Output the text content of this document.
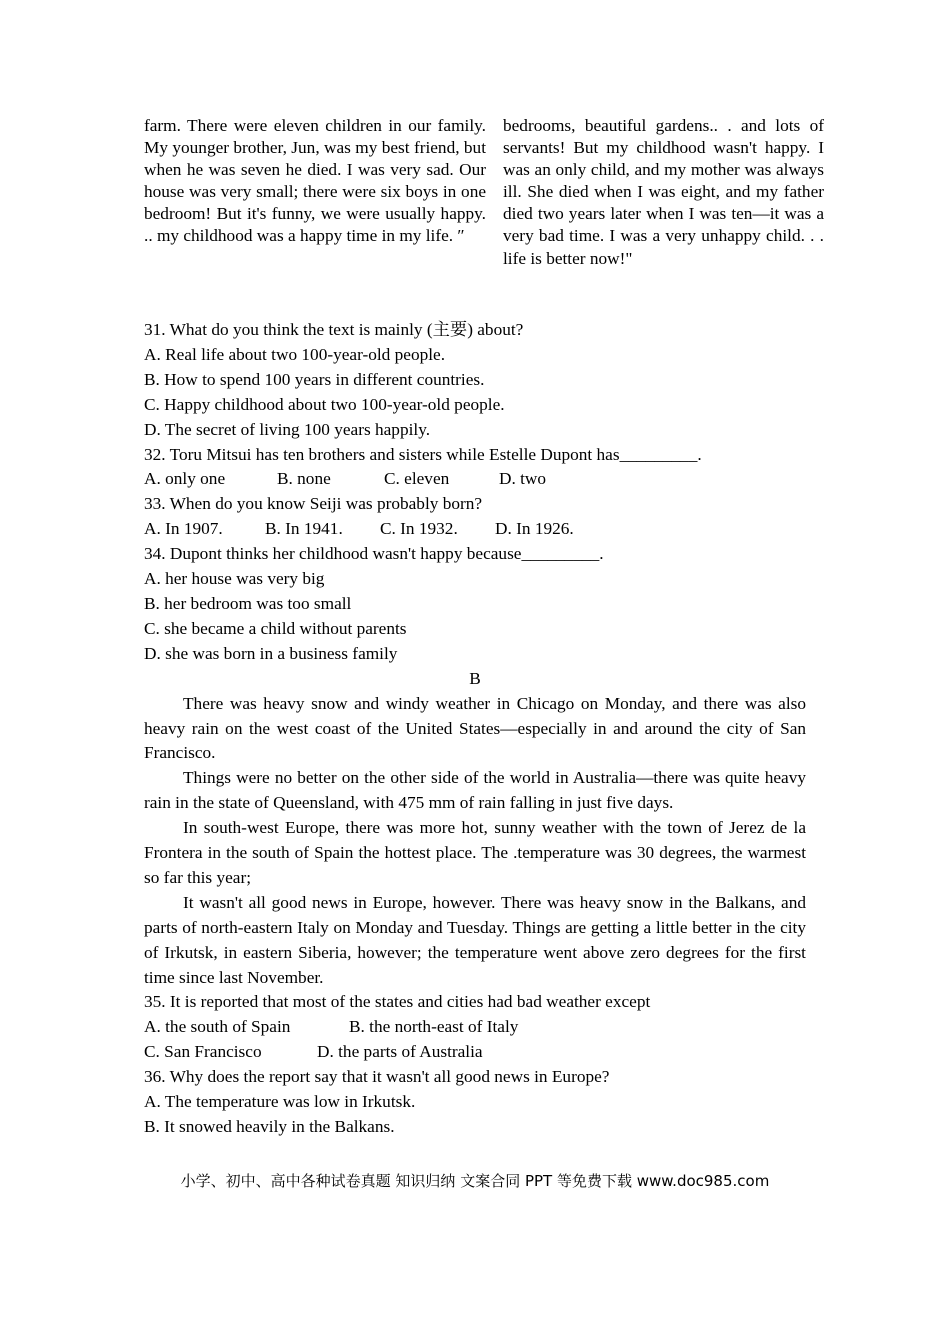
farm. There were eleven children in our family. My younger brother, Jun, was my best friend, but when he was seven he died. I was very sad. Our house was very small; there were six boys in one bedroom! But it's funny, we were usually happy. .. my childhood was a happy time in my life. ″
bedrooms, beautiful gardens.. . and lots of servants! But my childhood wasn't happy. I was an only child, and my mother was always ill. She died when I was eight, and my father died two years later when I was ten—it was a very bad time. I was a very unhappy child. . . life is better now!"
31. What do you think the text is mainly (主要) about?
A. Real life about two 100-year-old people.
B. How to spend 100 years in different countries.
C. Happy childhood about two 100-year-old people.
D. The secret of living 100 years happily.
32. Toru Mitsui has ten brothers and sisters while Estelle Dupont has_________.
A. only one	B. none	C. eleven	D. two
33. When do you know Seiji was probably born?
A. In 1907. B. In 1941. C. In 1932. D. In 1926.
34. Dupont thinks her childhood wasn't happy because_________.
A. her house was very big
B. her bedroom was too small
C. she became a child without parents
D. she was born in a business family
B

There was heavy snow and windy weather in Chicago on Monday, and there was also heavy rain on the west coast of the United States—especially in and around the city of San Francisco.

Things were no better on the other side of the world in Australia—there was quite heavy rain in the state of Queensland, with 475 mm of rain falling in just five days.

In south-west Europe, there was more hot, sunny weather with the town of Jerez de la Frontera in the south of Spain the hottest place. The .temperature was 30 degrees, the warmest so far this year;

It wasn't all good news in Europe, however. There was heavy snow in the Balkans, and parts of north-eastern Italy on Monday and Tuesday. Things are getting a little better in the city of Irkutsk, in eastern Siberia, however; the temperature went above zero degrees for the first time since last November.

35. It is reported that most of the states and cities had bad weather except
A. the south of Spain	B. the north-east of Italy
C. San Francisco	D. the parts of Australia
36. Why does the report say that it wasn't all good news in Europe?
A. The temperature was low in Irkutsk.
B. It snowed heavily in the Balkans.
小学、初中、高中各种试卷真题 知识归纳 文案合同 PPT 等免费下载 www.doc985.com
